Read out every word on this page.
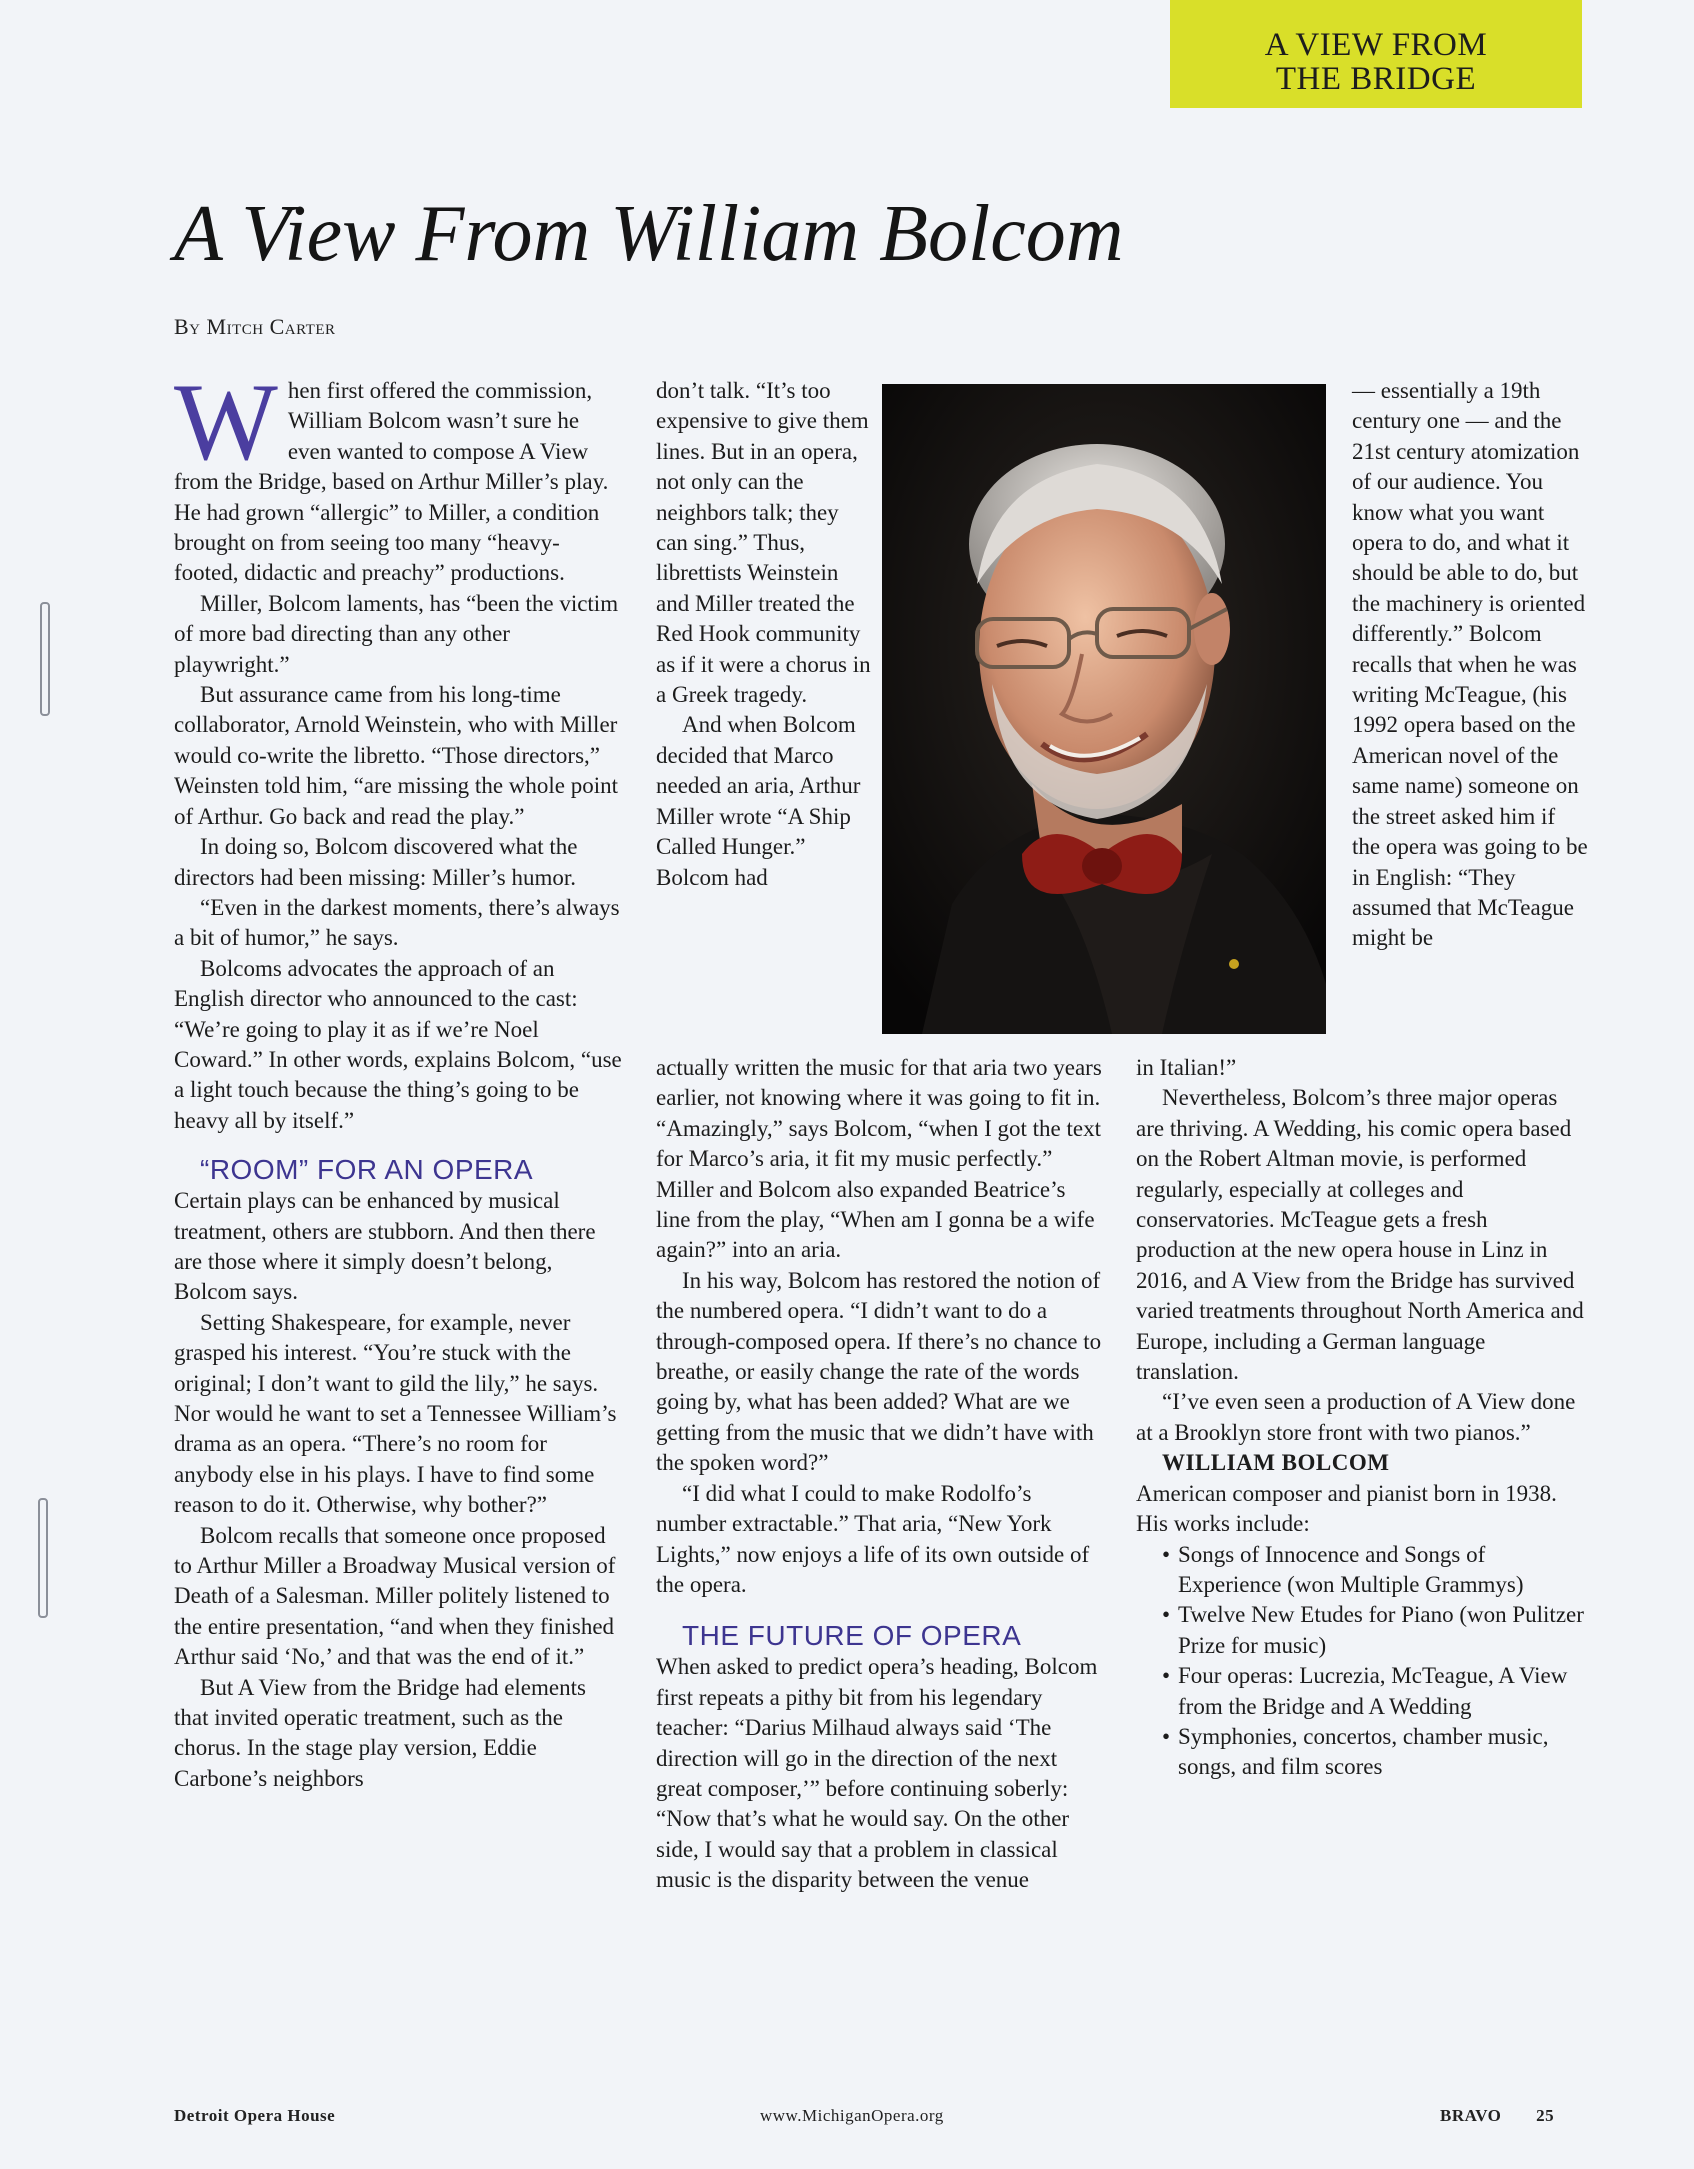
A VIEW FROM
THE BRIDGE
A View From William Bolcom
By Mitch Carter

W hen first offered the commission, William Bolcom wasn’t sure he even wanted to compose A View from the Bridge, based on Arthur Miller’s play. He had grown “allergic” to Miller, a condition brought on from seeing too many “heavy-footed, didactic and preachy” productions.

Miller, Bolcom laments, has “been the victim of more bad directing than any other playwright.”

But assurance came from his long-time collaborator, Arnold Weinstein, who with Miller would co-write the libretto. “Those directors,” Weinsten told him, “are missing the whole point of Arthur. Go back and read the play.”

In doing so, Bolcom discovered what the directors had been missing: Miller’s humor.

“Even in the darkest moments, there’s always a bit of humor,” he says.

Bolcoms advocates the approach of an English director who announced to the cast: “We’re going to play it as if we’re Noel Coward.” In other words, explains Bolcom, “use a light touch because the thing’s going to be heavy all by itself.”

“ROOM” FOR AN OPERA

Certain plays can be enhanced by musical treatment, others are stubborn. And then there are those where it simply doesn’t belong, Bolcom says.

Setting Shakespeare, for example, never grasped his interest. “You’re stuck with the original; I don’t want to gild the lily,” he says. Nor would he want to set a Tennessee William’s drama as an opera. “There’s no room for anybody else in his plays. I have to find some reason to do it. Otherwise, why bother?”

Bolcom recalls that someone once proposed to Arthur Miller a Broadway Musical version of Death of a Salesman. Miller politely listened to the entire presentation, “and when they finished Arthur said ‘No,’ and that was the end of it.”

But A View from the Bridge had elements that invited operatic treatment, such as the chorus. In the stage play version, Eddie Carbone’s neighbors

don’t talk. “It’s too expensive to give them lines. But in an opera, not only can the neighbors talk; they can sing.” Thus, librettists Weinstein and Miller treated the Red Hook community as if it were a chorus in a Greek tragedy.

And when Bolcom decided that Marco needed an aria, Arthur Miller wrote “A Ship Called Hunger.” Bolcom had

actually written the music for that aria two years earlier, not knowing where it was going to fit in. “Amazingly,” says Bolcom, “when I got the text for Marco’s aria, it fit my music perfectly.” Miller and Bolcom also expanded Beatrice’s line from the play, “When am I gonna be a wife again?” into an aria.

In his way, Bolcom has restored the notion of the numbered opera. “I didn’t want to do a through-composed opera. If there’s no chance to breathe, or easily change the rate of the words going by, what has been added? What are we getting from the music that we didn’t have with the spoken word?”

“I did what I could to make Rodolfo’s number extractable.” That aria, “New York Lights,” now enjoys a life of its own outside of the opera.

THE FUTURE OF OPERA

When asked to predict opera’s heading, Bolcom first repeats a pithy bit from his legendary teacher: “Darius Milhaud always said ‘The direction will go in the direction of the next great composer,’” before continuing soberly: “Now that’s what he would say. On the other side, I would say that a problem in classical music is the disparity between the venue

— essentially a 19th century one — and the 21st century atomization of our audience. You know what you want opera to do, and what it should be able to do, but the machinery is oriented differently.” Bolcom recalls that when he was writing McTeague, (his 1992 opera based on the American novel of the same name) someone on the street asked him if the opera was going to be in English: “They assumed that McTeague might be

in Italian!”

Nevertheless, Bolcom’s three major operas are thriving. A Wedding, his comic opera based on the Robert Altman movie, is performed regularly, especially at colleges and conservatories. McTeague gets a fresh production at the new opera house in Linz in 2016, and A View from the Bridge has survived varied treatments throughout North America and Europe, including a German language translation.

“I’ve even seen a production of A View done at a Brooklyn store front with two pianos.”

WILLIAM BOLCOM

American composer and pianist born in 1938. His works include:

• Songs of Innocence and Songs of Experience (won Multiple Grammys)
• Twelve New Etudes for Piano (won Pulitzer Prize for music)
• Four operas: Lucrezia, McTeague, A View from the Bridge and A Wedding
• Symphonies, concertos, chamber music, songs, and film scores
Detroit Opera House	www.MichiganOpera.org	BRAVO 25
